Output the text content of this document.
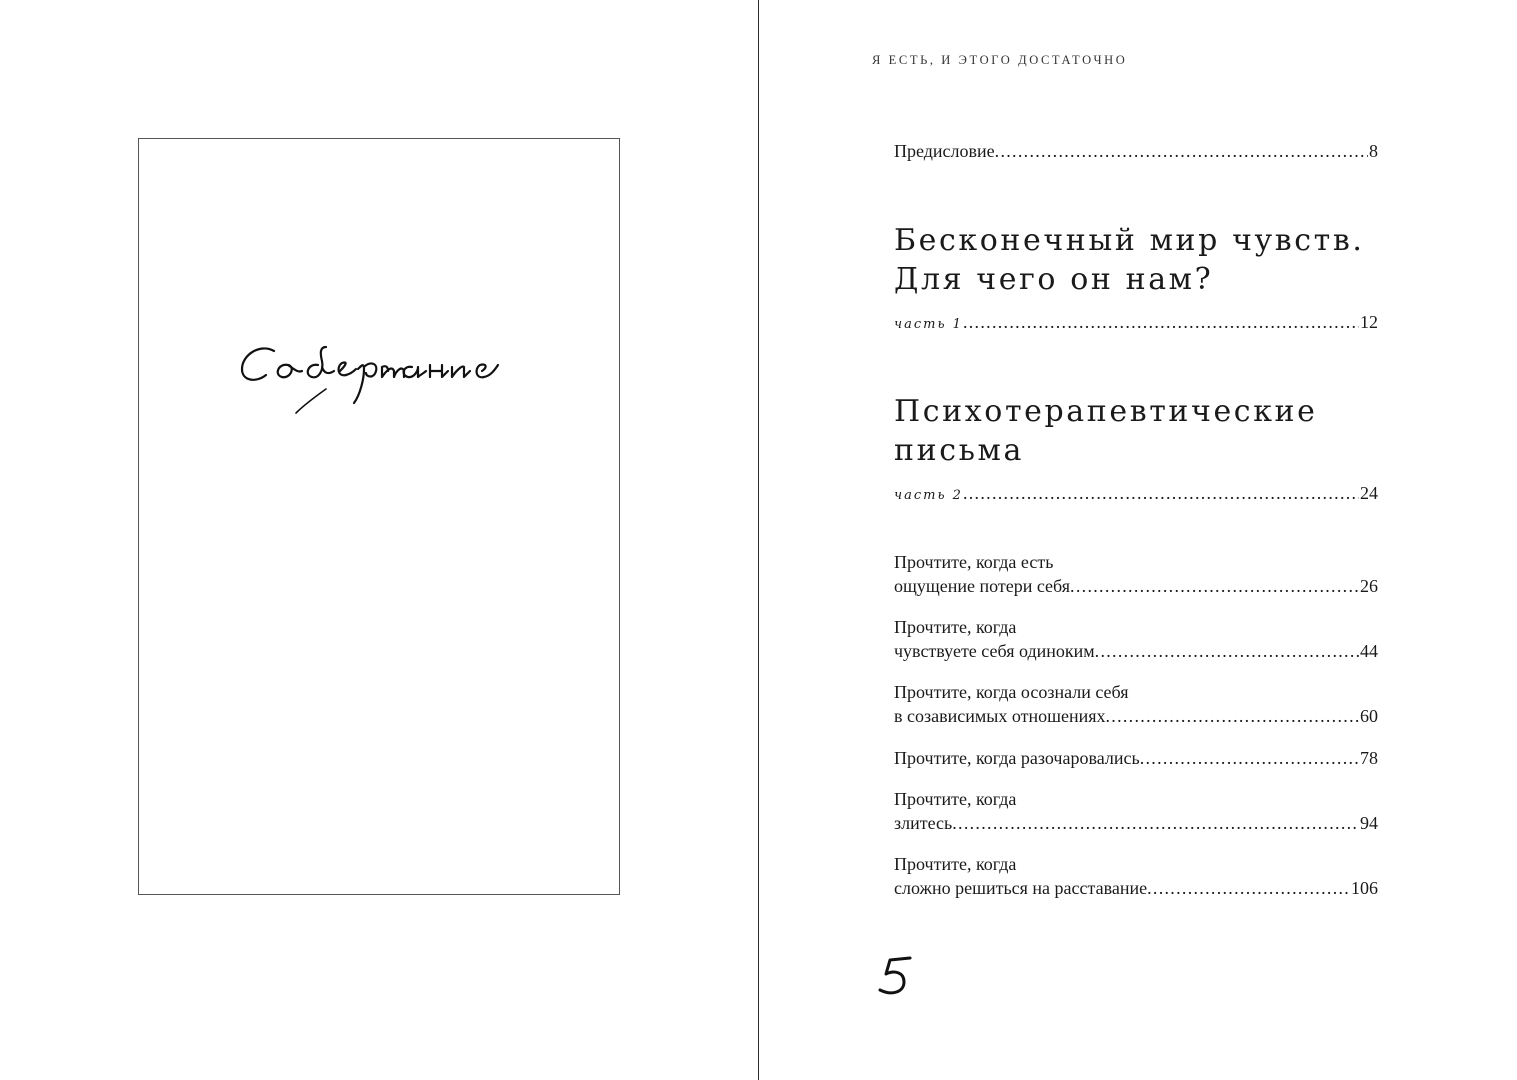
Я ЕСТЬ, И ЭТОГО ДОСТАТОЧНО
Предисловие . . .	8
Бесконечный мир чувств.
Для чего он нам?
часть 1 . . .	12
Психотерапевтические
письма
часть 2 . . .	24
Прочтите, когда есть
ощущение потери себя . . .	26
Прочтите, когда
чувствуете себя одиноким . . .	44
Прочтите, когда осознали себя
в созависимых отношениях . . .	60
Прочтите, когда разочаровались . . .	78
Прочтите, когда
злитесь . . .	94
Прочтите, когда
сложно решиться на расставание . . .	106
